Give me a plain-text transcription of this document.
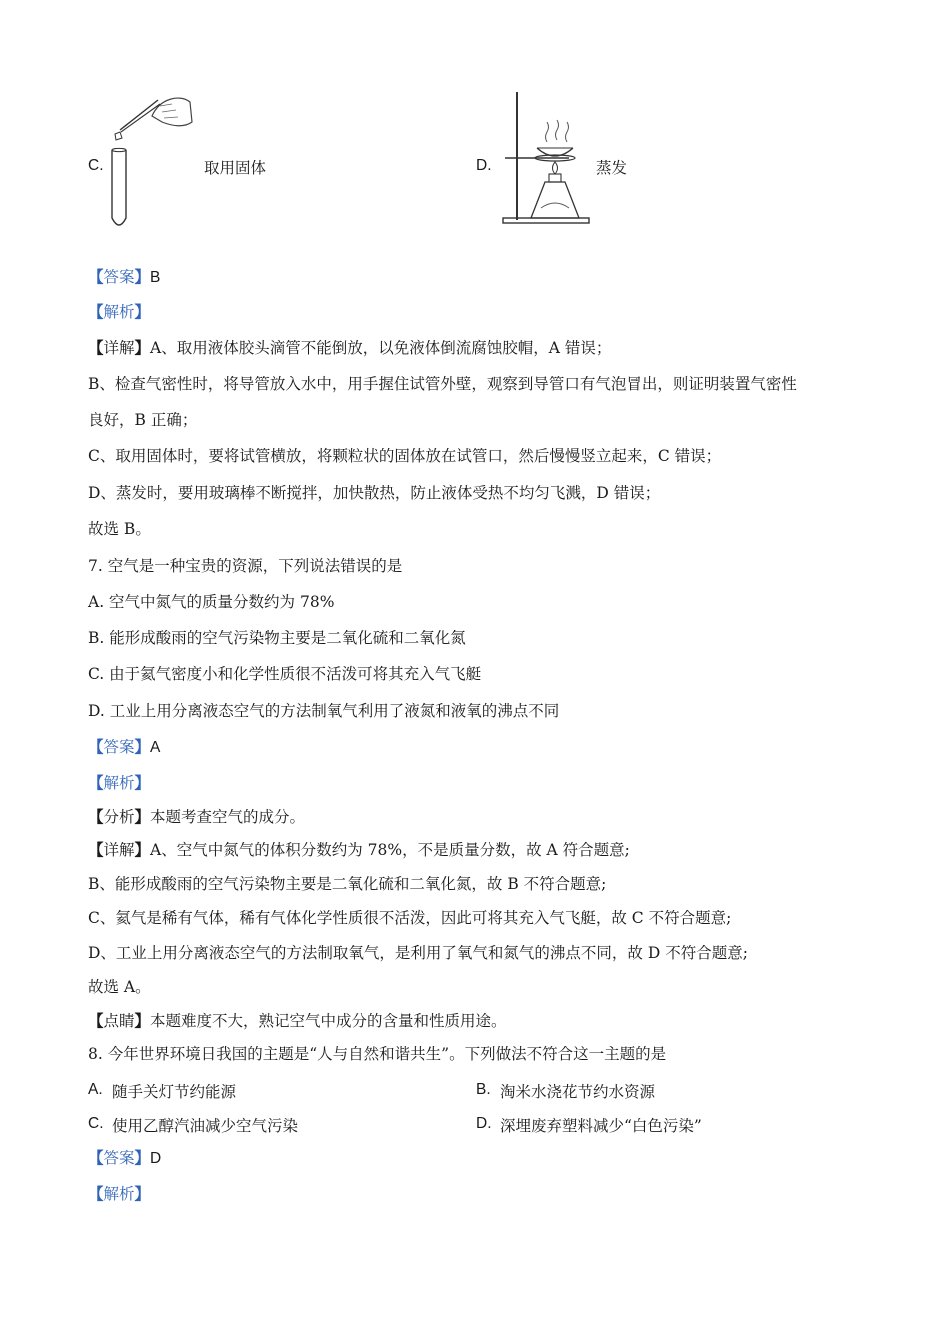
C.	取用固体	D.	蒸发
【答案】B
【解析】
【详解】A、取用液体胶头滴管不能倒放，以免液体倒流腐蚀胶帽，A 错误；
B、检查气密性时，将导管放入水中，用手握住试管外壁，观察到导管口有气泡冒出，则证明装置气密性
良好，B 正确；
C、取用固体时，要将试管横放，将颗粒状的固体放在试管口，然后慢慢竖立起来，C 错误；
D、蒸发时，要用玻璃棒不断搅拌，加快散热，防止液体受热不均匀飞溅，D 错误；
故选 B。
7. 空气是一种宝贵的资源，下列说法错误的是
A. 空气中氮气的质量分数约为 78%
B. 能形成酸雨的空气污染物主要是二氧化硫和二氧化氮
C. 由于氦气密度小和化学性质很不活泼可将其充入气飞艇
D. 工业上用分离液态空气的方法制氧气利用了液氮和液氧的沸点不同
【答案】A
【解析】
【分析】本题考查空气的成分。
【详解】A、空气中氮气的体积分数约为 78%，不是质量分数，故 A 符合题意;
B、能形成酸雨的空气污染物主要是二氧化硫和二氧化氮，故 B 不符合题意;
C、氦气是稀有气体，稀有气体化学性质很不活泼，因此可将其充入气飞艇，故 C 不符合题意;
D、工业上用分离液态空气的方法制取氧气，是利用了氧气和氮气的沸点不同，故 D 不符合题意;
故选 A。
【点睛】本题难度不大，熟记空气中成分的含量和性质用途。
8. 今年世界环境日我国的主题是“人与自然和谐共生”。下列做法不符合这一主题的是
A. 随手关灯节约能源	B. 淘米水浇花节约水资源
C. 使用乙醇汽油减少空气污染	D. 深埋废弃塑料减少“白色污染”
【答案】D
【解析】
